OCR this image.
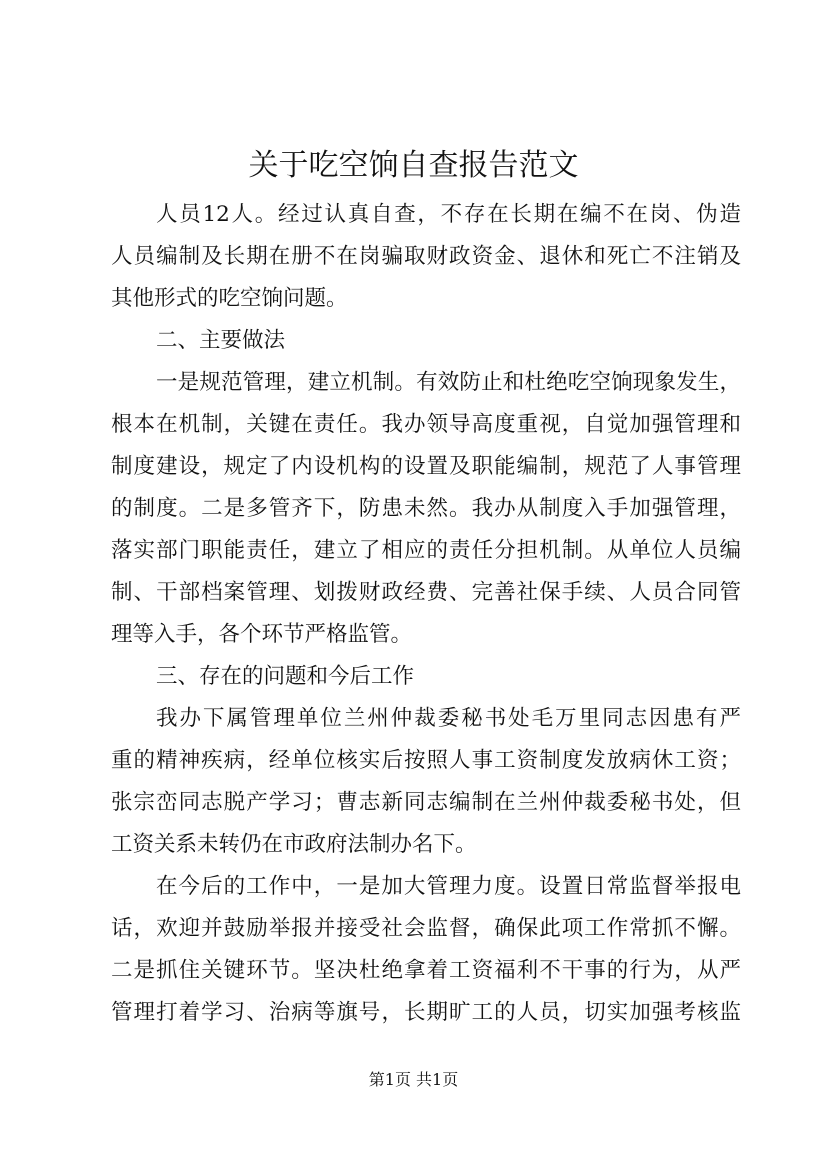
关于吃空饷自查报告范文
人员12人。经过认真自查，不存在长期在编不在岗、伪造
人员编制及长期在册不在岗骗取财政资金、退休和死亡不注销及
其他形式的吃空饷问题。
二、主要做法
一是规范管理，建立机制。有效防止和杜绝吃空饷现象发生，
根本在机制，关键在责任。我办领导高度重视，自觉加强管理和
制度建设，规定了内设机构的设置及职能编制，规范了人事管理
的制度。二是多管齐下，防患未然。我办从制度入手加强管理，
落实部门职能责任，建立了相应的责任分担机制。从单位人员编
制、干部档案管理、划拨财政经费、完善社保手续、人员合同管
理等入手，各个环节严格监管。
三、存在的问题和今后工作
我办下属管理单位兰州仲裁委秘书处毛万里同志因患有严
重的精神疾病，经单位核实后按照人事工资制度发放病休工资；
张宗峦同志脱产学习；曹志新同志编制在兰州仲裁委秘书处，但
工资关系未转仍在市政府法制办名下。
在今后的工作中，一是加大管理力度。设置日常监督举报电
话，欢迎并鼓励举报并接受社会监督，确保此项工作常抓不懈。
二是抓住关键环节。坚决杜绝拿着工资福利不干事的行为，从严
管理打着学习、治病等旗号，长期旷工的人员，切实加强考核监
第1页 共1页
